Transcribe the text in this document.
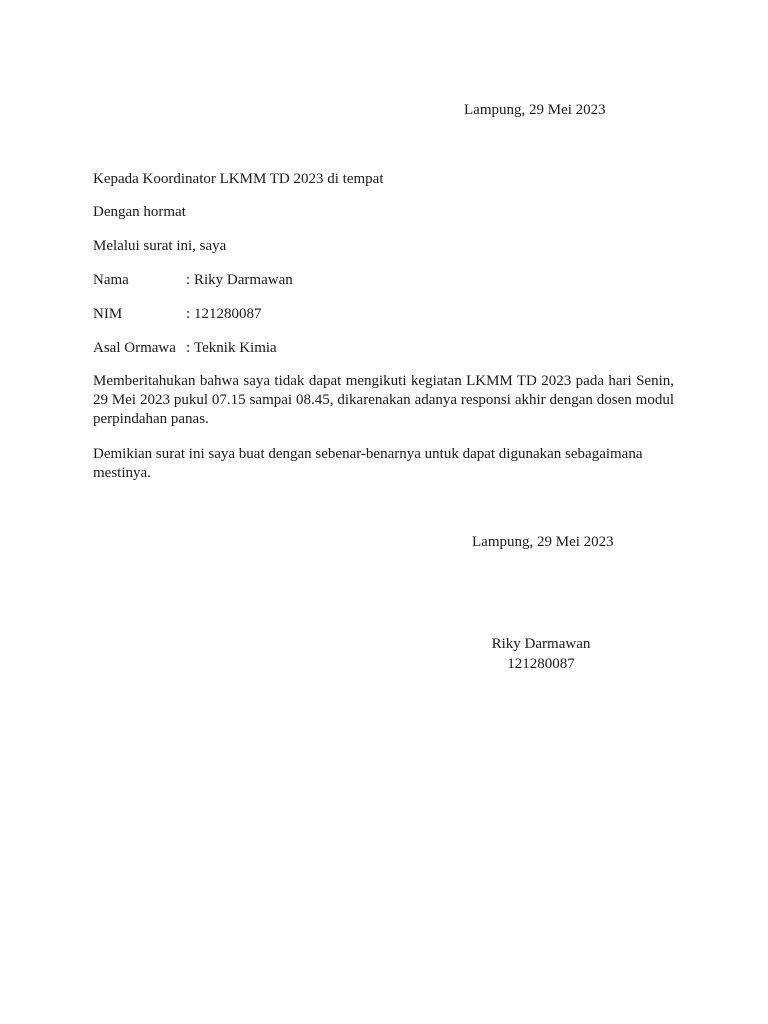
Lampung, 29 Mei 2023
Kepada Koordinator LKMM TD 2023 di tempat
Dengan hormat
Melalui surat ini, saya
Nama	: Riky Darmawan
NIM	: 121280087
Asal Ormawa : Teknik Kimia
Memberitahukan bahwa saya tidak dapat mengikuti kegiatan LKMM TD 2023 pada hari Senin, 29 Mei 2023 pukul 07.15 sampai 08.45, dikarenakan adanya responsi akhir dengan dosen modul perpindahan panas.
Demikian surat ini saya buat dengan sebenar-benarnya untuk dapat digunakan sebagaimana mestinya.
Lampung, 29 Mei 2023
Riky Darmawan
121280087
